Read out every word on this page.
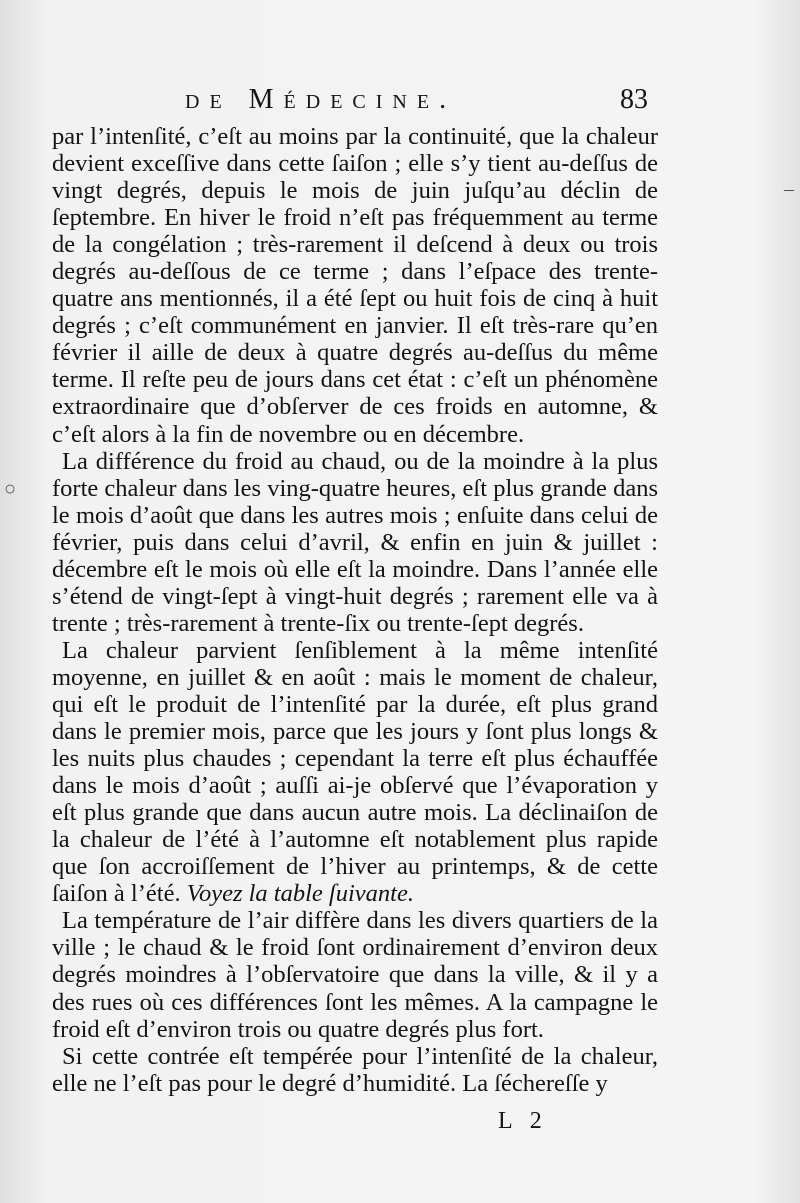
de Médecine.	83

par l’intenſité, c’eſt au moins par la continuité, que la chaleur devient exceſſive dans cette ſaiſon ; elle s’y tient au-deſſus de vingt degrés, depuis le mois de juin juſqu’au déclin de ſeptembre. En hiver le froid n’eſt pas fréquemment au terme de la congélation ; très-rarement il deſcend à deux ou trois degrés au-deſſous de ce terme ; dans l’eſpace des trente-quatre ans mentionnés, il a été ſept ou huit fois de cinq à huit degrés ; c’eſt communément en janvier. Il eſt très-rare qu’en février il aille de deux à quatre degrés au-deſſus du même terme. Il reſte peu de jours dans cet état : c’eſt un phénomène extraordinaire que d’obſerver de ces froids en automne, & c’eſt alors à la fin de novembre ou en décembre.

La différence du froid au chaud, ou de la moindre à la plus forte chaleur dans les ving-quatre heures, eſt plus grande dans le mois d’août que dans les autres mois ; enſuite dans celui de février, puis dans celui d’avril, & enfin en juin & juillet : décembre eſt le mois où elle eſt la moindre. Dans l’année elle s’étend de vingt-ſept à vingt-huit degrés ; rarement elle va à trente ; très-rarement à trente-ſix ou trente-ſept degrés.

La chaleur parvient ſenſiblement à la même intenſité moyenne, en juillet & en août : mais le moment de chaleur, qui eſt le produit de l’intenſité par la durée, eſt plus grand dans le premier mois, parce que les jours y ſont plus longs & les nuits plus chaudes ; cependant la terre eſt plus échauffée dans le mois d’août ; auſſi ai-je obſervé que l’évaporation y eſt plus grande que dans aucun autre mois. La déclinaiſon de la chaleur de l’été à l’automne eſt notablement plus rapide que ſon accroiſſement de l’hiver au printemps, & de cette ſaiſon à l’été. Voyez la table ſuivante.

La température de l’air diffère dans les divers quartiers de la ville ; le chaud & le froid ſont ordinairement d’environ deux degrés moindres à l’obſervatoire que dans la ville, & il y a des rues où ces différences ſont les mêmes. A la campagne le froid eſt d’environ trois ou quatre degrés plus fort.

Si cette contrée eſt tempérée pour l’intenſité de la chaleur, elle ne l’eſt pas pour le degré d’humidité. La ſéchereſſe y

L 2
○
–
